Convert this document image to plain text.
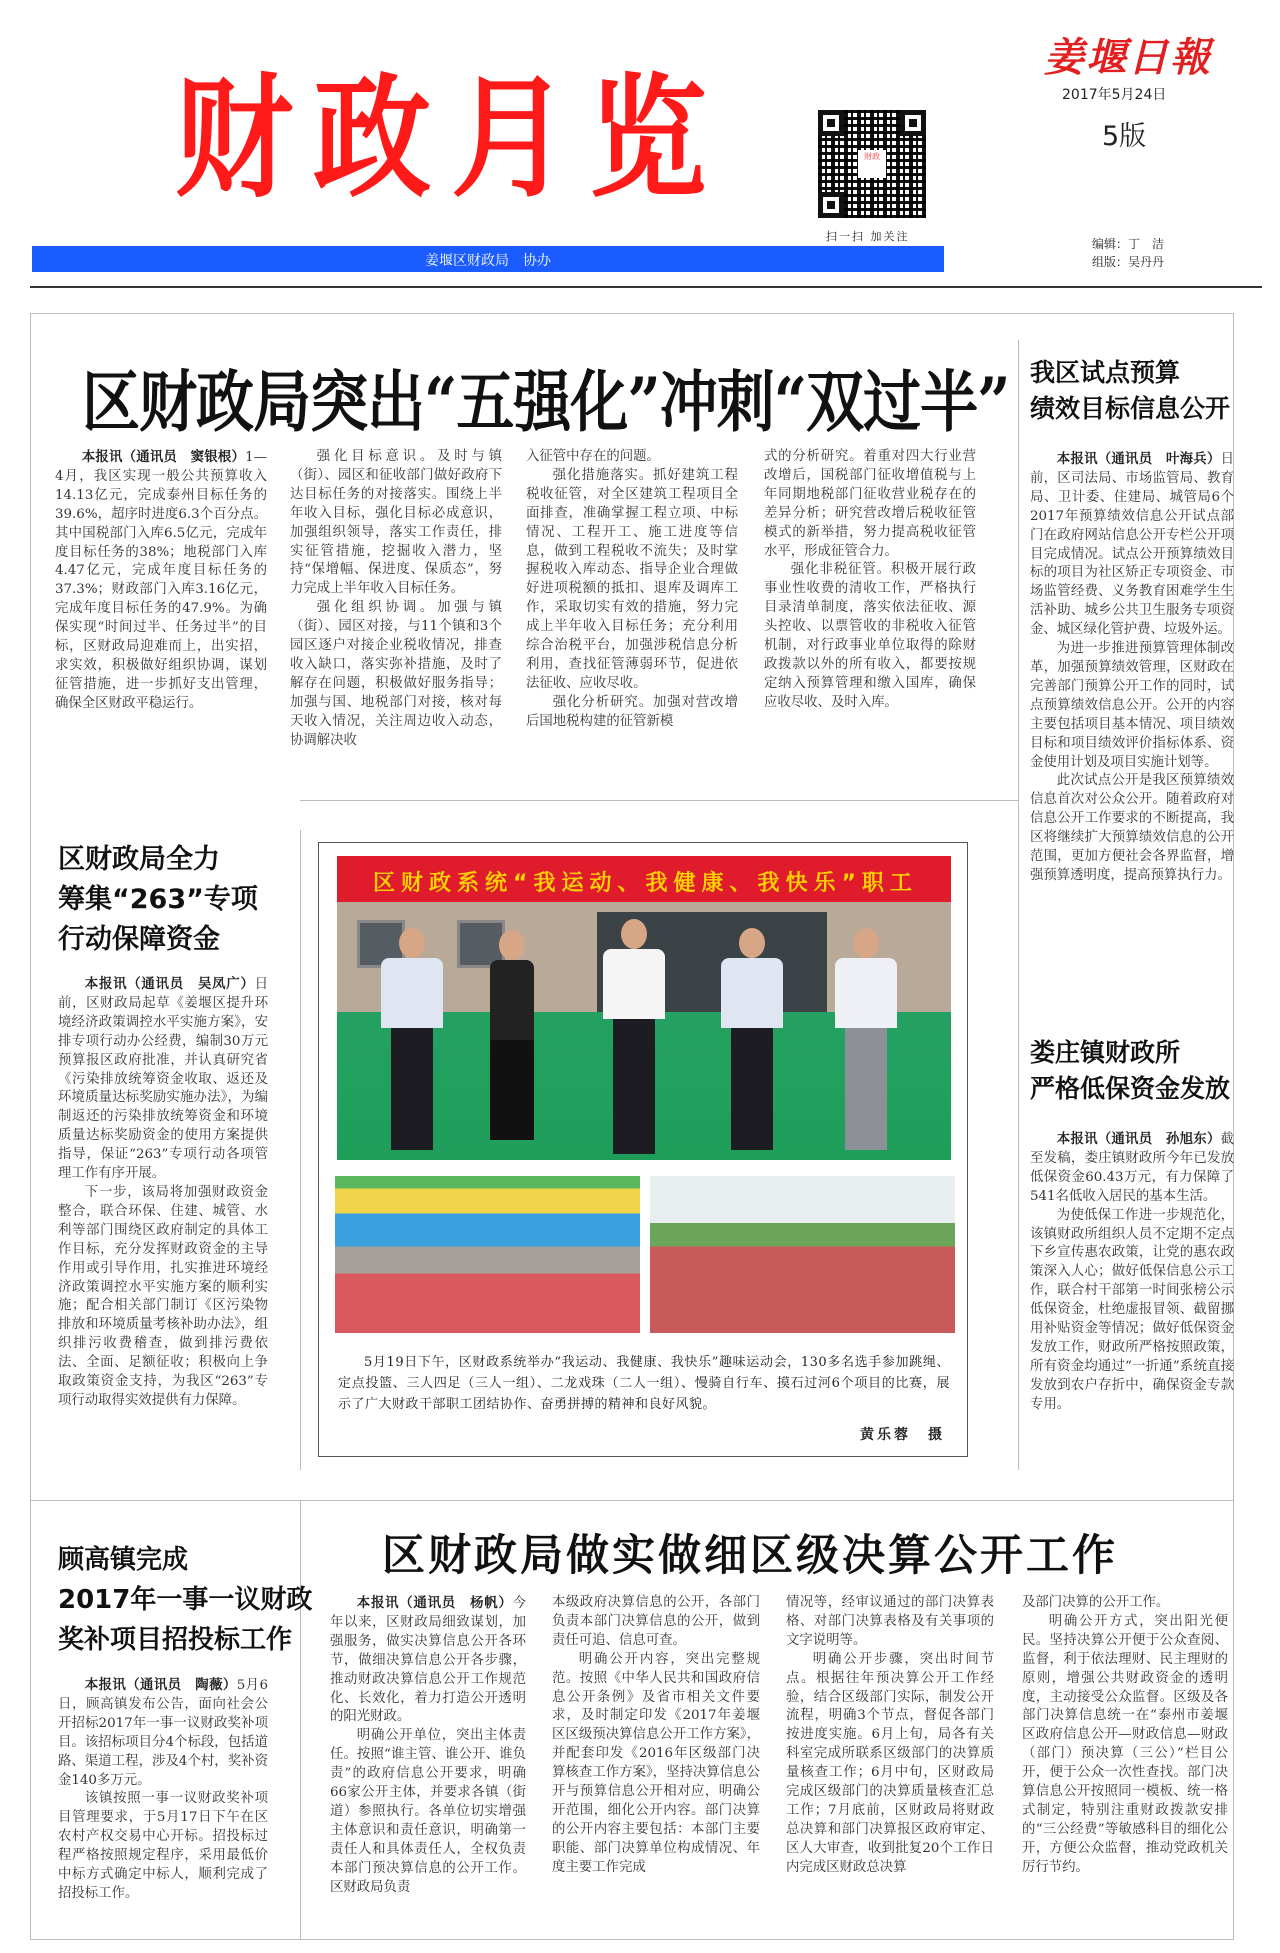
财政月览
姜堰区财政局　协办
财政
扫一扫 加关注
姜堰日報
2017年5月24日
5版
编辑：丁　洁
组版：吴丹丹
区财政局突出“五强化”冲刺“双过半”

本报讯（通讯员　窦银根）1—4月，我区实现一般公共预算收入14.13亿元，完成泰州目标任务的39.6%，超序时进度6.3个百分点。其中国税部门入库6.5亿元，完成年度目标任务的38%；地税部门入库4.47亿元，完成年度目标任务的37.3%；财政部门入库3.16亿元，完成年度目标任务的47.9%。为确保实现“时间过半、任务过半”的目标，区财政局迎难而上，出实招，求实效，积极做好组织协调，谋划征管措施，进一步抓好支出管理，确保全区财政平稳运行。

强化目标意识。及时与镇（街）、园区和征收部门做好政府下达目标任务的对接落实。围绕上半年收入目标，强化目标必成意识，加强组织领导，落实工作责任，排实征管措施，挖掘收入潜力，坚持“保增幅、保进度、保质态”，努力完成上半年收入目标任务。

强化组织协调。加强与镇（街）、园区对接，与11个镇和3个园区逐户对接企业税收情况，排查收入缺口，落实弥补措施，及时了解存在问题，积极做好服务指导；加强与国、地税部门对接，核对每天收入情况，关注周边收入动态，协调解决收

入征管中存在的问题。

强化措施落实。抓好建筑工程税收征管，对全区建筑工程项目全面排查，准确掌握工程立项、中标情况、工程开工、施工进度等信息，做到工程税收不流失；及时掌握税收入库动态、指导企业合理做好进项税额的抵扣、退库及调库工作，采取切实有效的措施，努力完成上半年收入目标任务；充分利用综合治税平台，加强涉税信息分析利用，查找征管薄弱环节，促进依法征收、应收尽收。

强化分析研究。加强对营改增后国地税构建的征管新模

式的分析研究。着重对四大行业营改增后，国税部门征收增值税与上年同期地税部门征收营业税存在的差异分析；研究营改增后税收征管模式的新举措，努力提高税收征管水平，形成征管合力。

强化非税征管。积极开展行政事业性收费的清收工作，严格执行目录清单制度，落实依法征收、源头控收、以票管收的非税收入征管机制，对行政事业单位取得的除财政拨款以外的所有收入，都要按规定纳入预算管理和缴入国库，确保应收尽收、及时入库。

我区试点预算
绩效目标信息公开

本报讯（通讯员　叶海兵）日前，区司法局、市场监管局、教育局、卫计委、住建局、城管局6个2017年预算绩效信息公开试点部门在政府网站信息公开专栏公开项目完成情况。试点公开预算绩效目标的项目为社区矫正专项资金、市场监管经费、义务教育困难学生生活补助、城乡公共卫生服务专项资金、城区绿化管护费、垃圾外运。

为进一步推进预算管理体制改革，加强预算绩效管理，区财政在完善部门预算公开工作的同时，试点预算绩效信息公开。公开的内容主要包括项目基本情况、项目绩效目标和项目绩效评价指标体系、资金使用计划及项目实施计划等。

此次试点公开是我区预算绩效信息首次对公众公开。随着政府对信息公开工作要求的不断提高，我区将继续扩大预算绩效信息的公开范围，更加方便社会各界监督，增强预算透明度，提高预算执行力。

娄庄镇财政所
严格低保资金发放

本报讯（通讯员　孙旭东）截至发稿，娄庄镇财政所今年已发放低保资金60.43万元，有力保障了541名低收入居民的基本生活。

为使低保工作进一步规范化，该镇财政所组织人员不定期不定点下乡宣传惠农政策，让党的惠农政策深入人心；做好低保信息公示工作，联合村干部第一时间张榜公示低保资金，杜绝虚报冒领、截留挪用补贴资金等情况；做好低保资金发放工作，财政所严格按照政策，所有资金均通过“一折通”系统直接发放到农户存折中，确保资金专款专用。

区财政局全力
筹集“263”专项
行动保障资金

本报讯（通讯员　吴凤广）日前，区财政局起草《姜堰区提升环境经济政策调控水平实施方案》，安排专项行动办公经费，编制30万元预算报区政府批准，并认真研究省《污染排放统筹资金收取、返还及环境质量达标奖励实施办法》，为编制返还的污染排放统筹资金和环境质量达标奖励资金的使用方案提供指导，保证“263”专项行动各项管理工作有序开展。

下一步，该局将加强财政资金整合，联合环保、住建、城管、水利等部门围绕区政府制定的具体工作目标，充分发挥财政资金的主导作用或引导作用，扎实推进环境经济政策调控水平实施方案的顺利实施；配合相关部门制订《区污染物排放和环境质量考核补助办法》，组织排污收费稽查，做到排污费依法、全面、足额征收；积极向上争取政策资金支持，为我区“263”专项行动取得实效提供有力保障。

区财政系统“我运动、我健康、我快乐”职工
5月19日下午，区财政系统举办“我运动、我健康、我快乐”趣味运动会，130多名选手参加跳绳、定点投篮、三人四足（三人一组）、二龙戏珠（二人一组）、慢骑自行车、摸石过河6个项目的比赛，展示了广大财政干部职工团结协作、奋勇拼搏的精神和良好风貌。
黄乐蓉　摄
顾高镇完成
2017年一事一议财政
奖补项目招投标工作

本报讯（通讯员　陶薇）5月6日，顾高镇发布公告，面向社会公开招标2017年一事一议财政奖补项目。该招标项目分4个标段，包括道路、渠道工程，涉及4个村，奖补资金140多万元。

该镇按照一事一议财政奖补项目管理要求，于5月17日下午在区农村产权交易中心开标。招投标过程严格按照规定程序，采用最低价中标方式确定中标人，顺利完成了招投标工作。

区财政局做实做细区级决算公开工作

本报讯（通讯员　杨帆）今年以来，区财政局细致谋划，加强服务，做实决算信息公开各环节，做细决算信息公开各步骤，推动财政决算信息公开工作规范化、长效化，着力打造公开透明的阳光财政。

明确公开单位，突出主体责任。按照“谁主管、谁公开、谁负责”的政府信息公开要求，明确66家公开主体，并要求各镇（街道）参照执行。各单位切实增强主体意识和责任意识，明确第一责任人和具体责任人，全权负责本部门预决算信息的公开工作。区财政局负责

本级政府决算信息的公开，各部门负责本部门决算信息的公开，做到责任可追、信息可查。

明确公开内容，突出完整规范。按照《中华人民共和国政府信息公开条例》及省市相关文件要求，及时制定印发《2017年姜堰区区级预决算信息公开工作方案》，并配套印发《2016年区级部门决算核查工作方案》，坚持决算信息公开与预算信息公开相对应，明确公开范围，细化公开内容。部门决算的公开内容主要包括：本部门主要职能、部门决算单位构成情况、年度主要工作完成

情况等，经审议通过的部门决算表格、对部门决算表格及有关事项的文字说明等。

明确公开步骤，突出时间节点。根据往年预决算公开工作经验，结合区级部门实际，制发公开流程，明确3个节点，督促各部门按进度实施。6月上旬，局各有关科室完成所联系区级部门的决算质量核查工作；6月中旬，区财政局完成区级部门的决算质量核查汇总工作；7月底前，区财政局将财政总决算和部门决算报区政府审定、区人大审查，收到批复20个工作日内完成区财政总决算

及部门决算的公开工作。

明确公开方式，突出阳光便民。坚持决算公开便于公众查阅、监督，利于依法理财、民主理财的原则，增强公共财政资金的透明度，主动接受公众监督。区级及各部门决算信息统一在“泰州市姜堰区政府信息公开—财政信息—财政（部门）预决算（三公）”栏目公开，便于公众一次性查找。部门决算信息公开按照同一模板、统一格式制定，特别注重财政拨款安排的“三公经费”等敏感科目的细化公开，方便公众监督，推动党政机关厉行节约。
